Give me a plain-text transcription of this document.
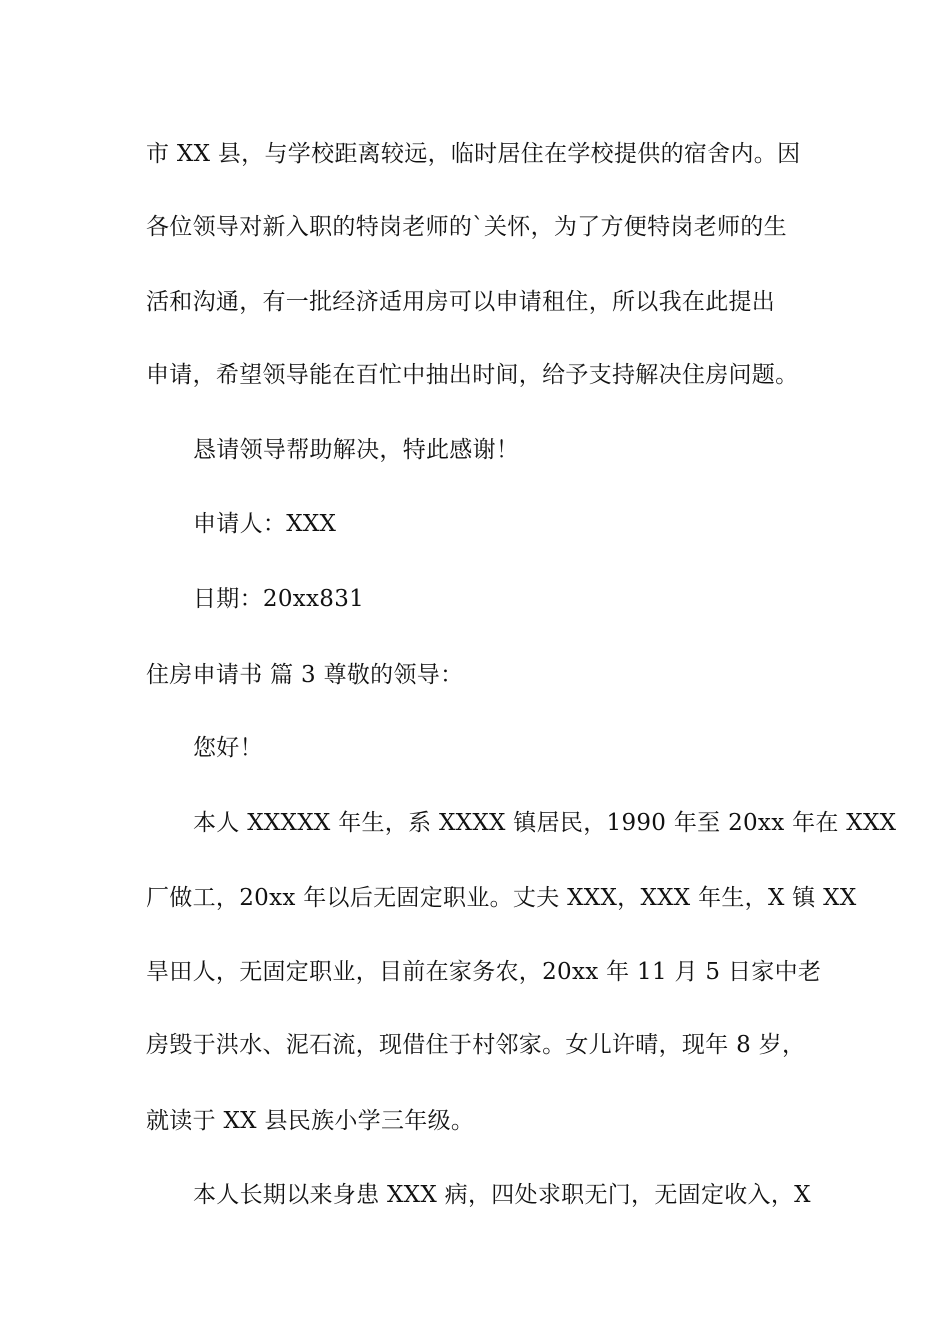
市 XX 县，与学校距离较远，临时居住在学校提供的宿舍内。因

各位领导对新入职的特岗老师的`关怀，为了方便特岗老师的生

活和沟通，有一批经济适用房可以申请租住，所以我在此提出

申请，希望领导能在百忙中抽出时间，给予支持解决住房问题。

恳请领导帮助解决，特此感谢！

申请人：XXX

日期：20xx831

住房申请书 篇 3 尊敬的领导：

您好！

本人 XXXXX 年生，系 XXXX 镇居民，1990 年至 20xx 年在 XXX

厂做工，20xx 年以后无固定职业。丈夫 XXX，XXX 年生，X 镇 XX

旱田人，无固定职业，目前在家务农，20xx 年 11 月 5 日家中老

房毁于洪水、泥石流，现借住于村邻家。女儿许晴，现年 8 岁，

就读于 XX 县民族小学三年级。

本人长期以来身患 XXX 病，四处求职无门，无固定收入，X
